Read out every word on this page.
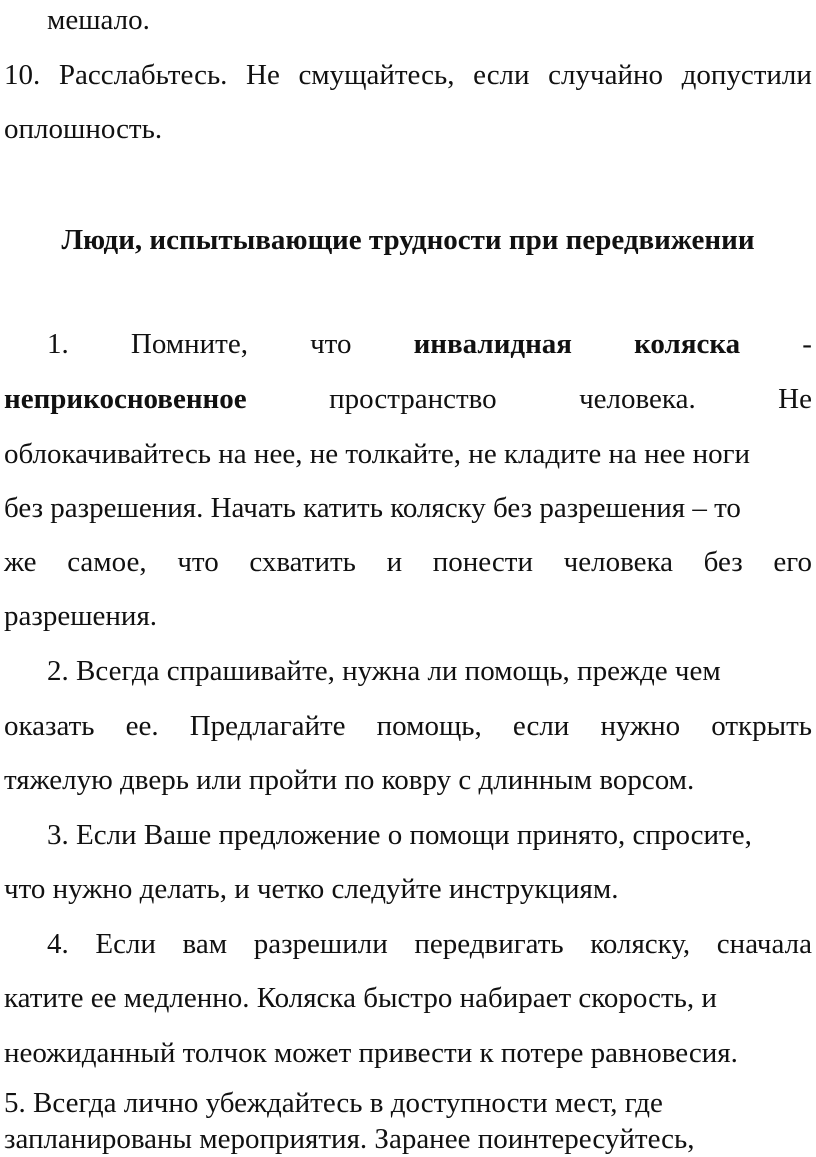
мешало.
10. Расслабьтесь. Не смущайтесь, если случайно допустили
оплошность.
Люди, испытывающие трудности при передвижении
1. Помните, что инвалидная коляска -
неприкосновенное	пространство	человека.	Не
облокачивайтесь на нее, не толкайте, не кладите на нее ноги
без разрешения. Начать катить коляску без разрешения – то
же самое, что схватить и понести человека без его
разрешения.
2. Всегда спрашивайте, нужна ли помощь, прежде чем
оказать ее. Предлагайте помощь, если нужно открыть
тяжелую дверь или пройти по ковру с длинным ворсом.
3. Если Ваше предложение о помощи принято, спросите,
что нужно делать, и четко следуйте инструкциям.
4. Если вам разрешили передвигать коляску, сначала
катите ее медленно. Коляска быстро набирает скорость, и
неожиданный толчок может привести к потере равновесия.
5. Всегда лично убеждайтесь в доступности мест, где
запланированы мероприятия. Заранее поинтересуйтесь,
